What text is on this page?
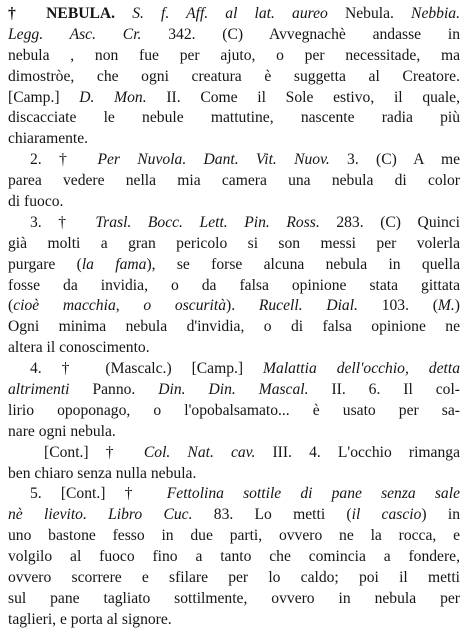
† NEBULA. S. f. Aff. al lat. aureo Nebula. Nebbia.
Legg. Asc. Cr. 342. (C) Avvegnachè andasse in
nebula , non fue per ajuto, o per necessitade, ma
dimostròe, che ogni creatura è suggetta al Creatore.
[Camp.] D. Mon. II. Come il Sole estivo, il quale,
discacciate le nebule mattutine, nascente radia più
chiaramente.
2. † Per Nuvola. Dant. Vit. Nuov. 3. (C) A me
parea vedere nella mia camera una nebula di color
di fuoco.
3. † Trasl. Bocc. Lett. Pin. Ross. 283. (C) Quinci
già molti a gran pericolo si son messi per volerla
purgare (la fama), se forse alcuna nebula in quella
fosse da invidia, o da falsa opinione stata gittata
(cioè macchia, o oscurità). Rucell. Dial. 103. (M.)
Ogni minima nebula d'invidia, o di falsa opinione ne
altera il conoscimento.
4. † (Mascalc.) [Camp.] Malattia dell'occhio, detta
altrimenti Panno. Din. Din. Mascal. II. 6. Il col-
lirio opoponago, o l'opobalsamato... è usato per sa-
nare ogni nebula.
[Cont.] † Col. Nat. cav. III. 4. L'occhio rimanga
ben chiaro senza nulla nebula.
5. [Cont.] † Fettolina sottile di pane senza sale
nè lievito. Libro Cuc. 83. Lo metti (il cascio) in
uno bastone fesso in due parti, ovvero ne la rocca, e
volgilo al fuoco fino a tanto che comincia a fondere,
ovvero scorrere e sfilare per lo caldo; poi il metti
sul pane tagliato sottilmente, ovvero in nebula per
taglieri, e porta al signore.
